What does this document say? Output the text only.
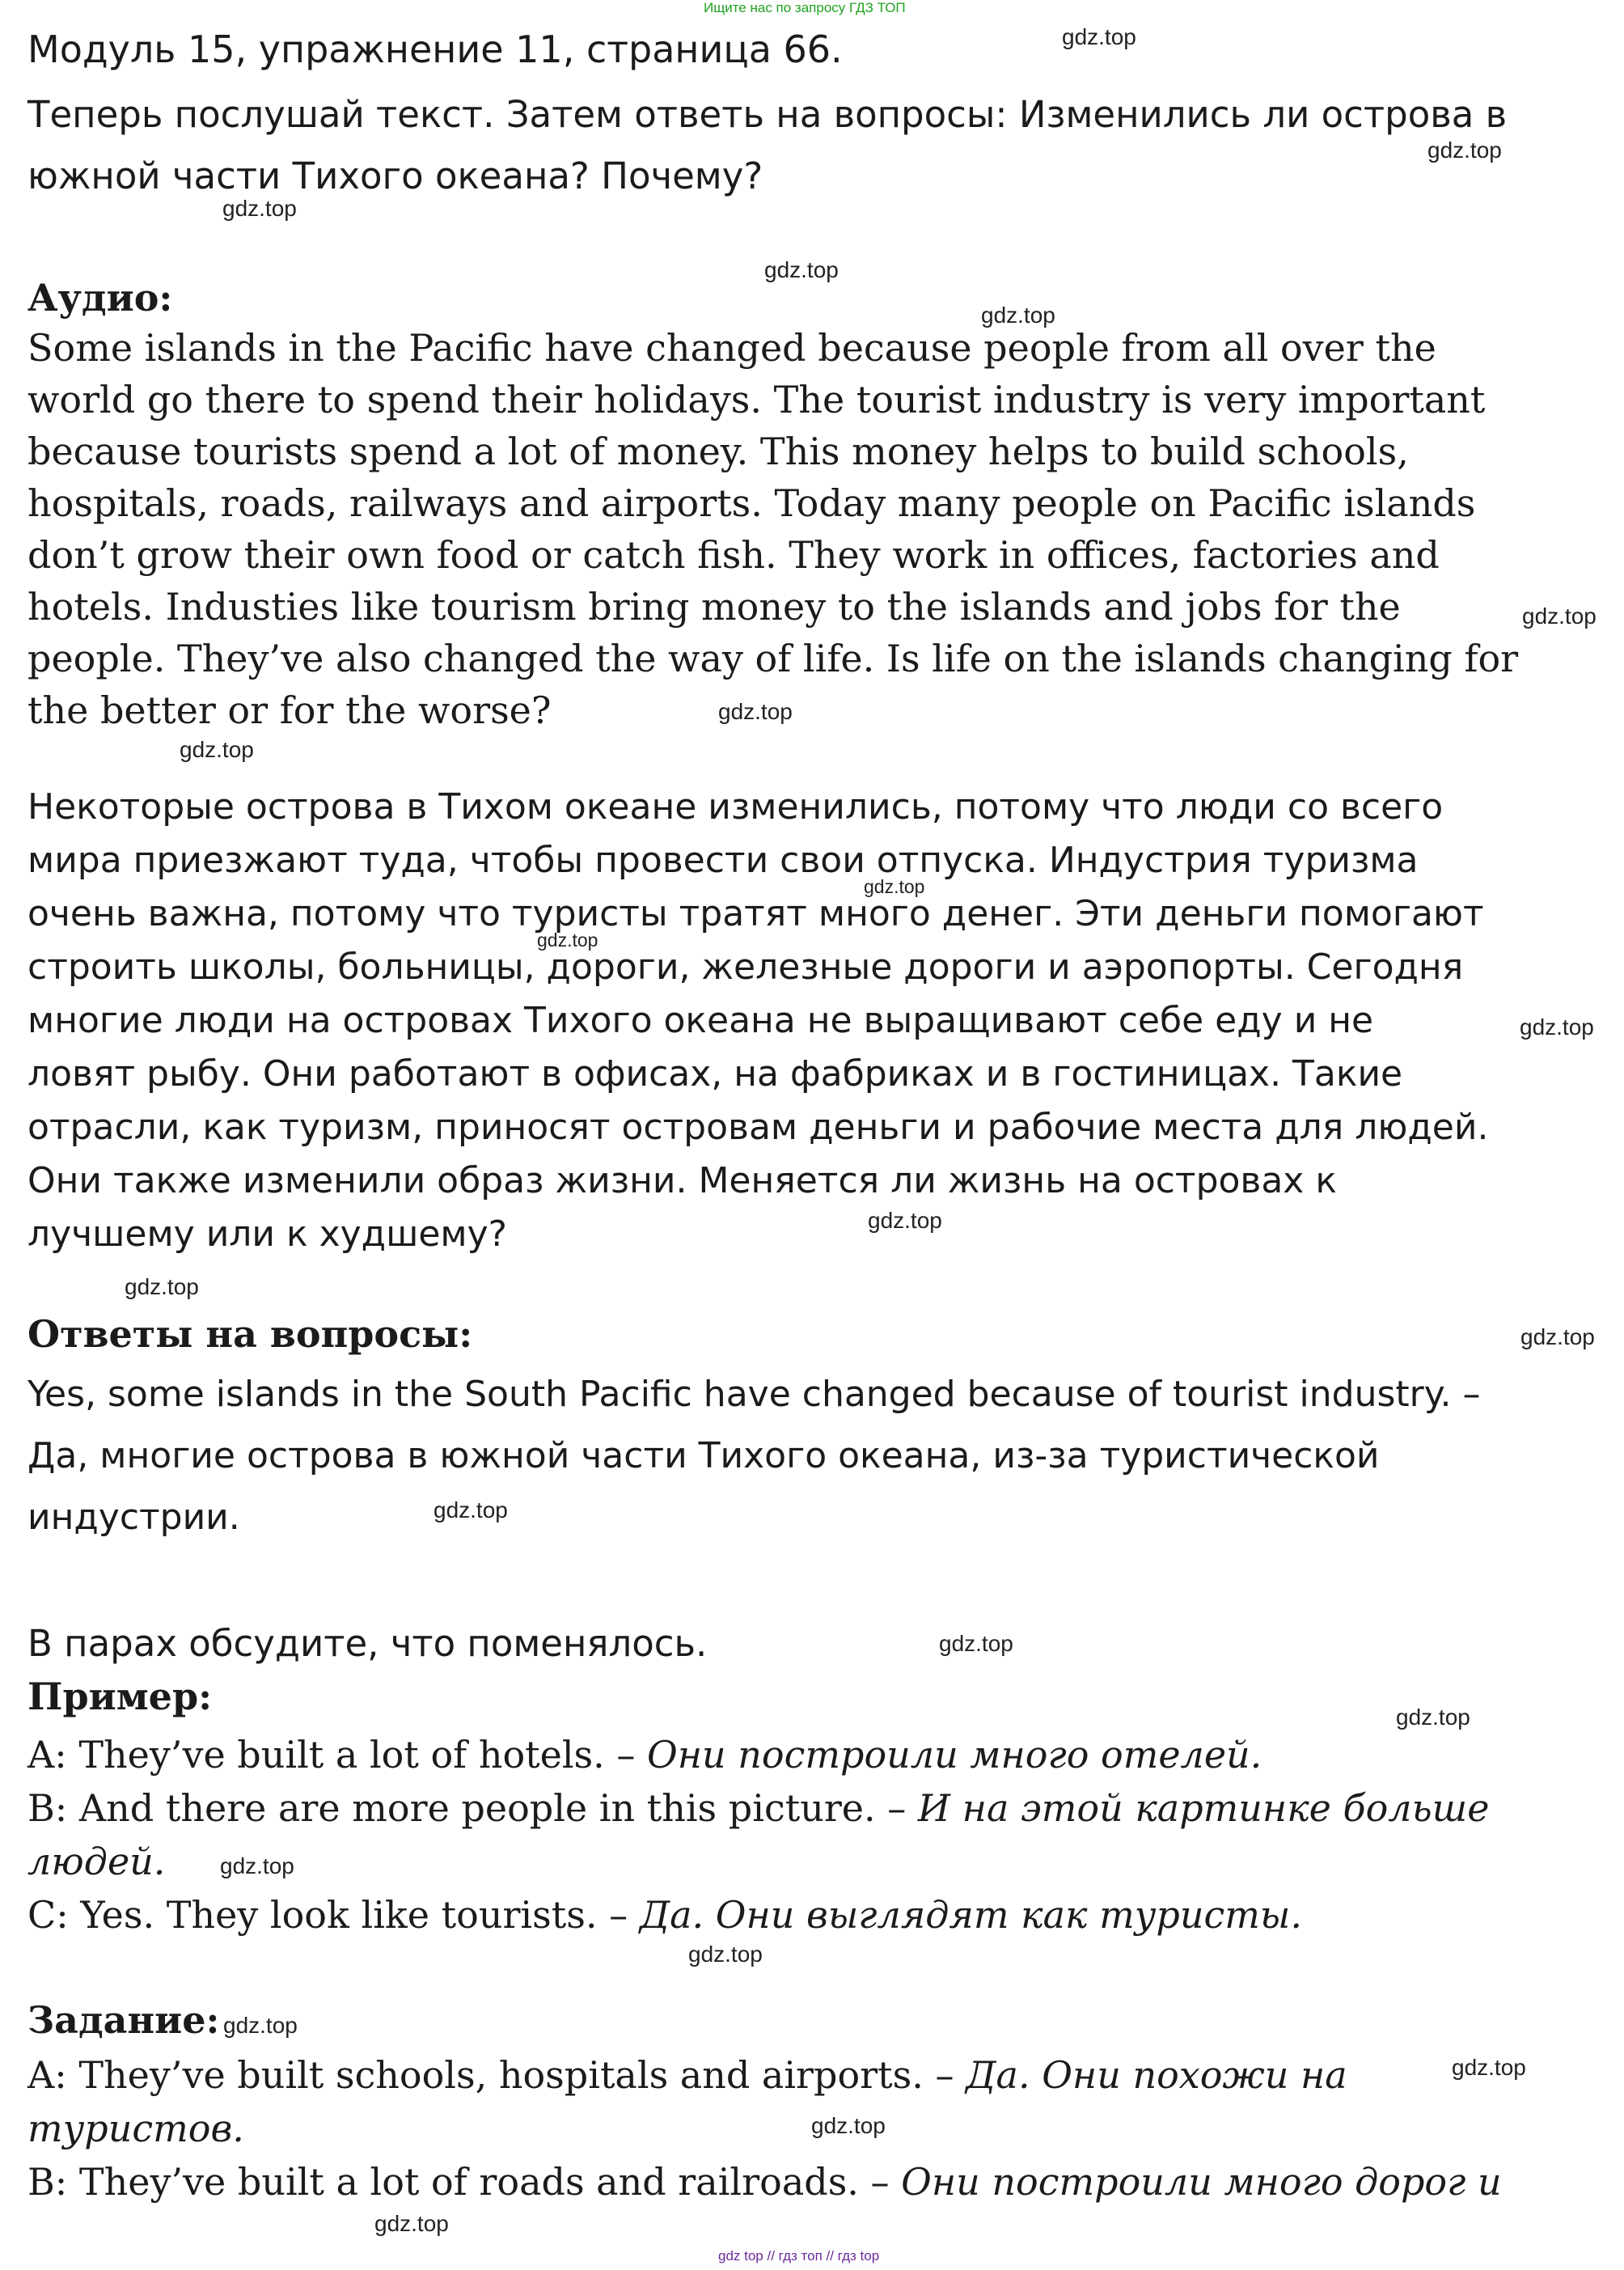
Ищите нас по запросу ГДЗ ТОП
Модуль 15, упражнение 11, страница 66.
Теперь послушай текст. Затем ответь на вопросы: Изменились ли острова в
южной части Тихого океана? Почему?
Аудио:
Some islands in the Pacific have changed because people from all over the
world go there to spend their holidays. The tourist industry is very important
because tourists spend a lot of money. This money helps to build schools,
hospitals, roads, railways and airports. Today many people on Pacific islands
don’t grow their own food or catch fish. They work in offices, factories and
hotels. Industies like tourism bring money to the islands and jobs for the
people. They’ve also changed the way of life. Is life on the islands changing for
the better or for the worse?
Некоторые острова в Тихом океане изменились, потому что люди со всего
мира приезжают туда, чтобы провести свои отпуска. Индустрия туризма
очень важна, потому что туристы тратят много денег. Эти деньги помогают
строить школы, больницы, дороги, железные дороги и аэропорты. Сегодня
многие люди на островах Тихого океана не выращивают себе еду и не
ловят рыбу. Они работают в офисах, на фабриках и в гостиницах. Такие
отрасли, как туризм, приносят островам деньги и рабочие места для людей.
Они также изменили образ жизни. Меняется ли жизнь на островах к
лучшему или к худшему?
Ответы на вопросы:
Yes, some islands in the South Pacific have changed because of tourist industry. –
Да, многие острова в южной части Тихого океана, из-за туристической
индустрии.
В парах обсудите, что поменялось.
Пример:
A: They’ve built a lot of hotels. – Они построили много отелей.
B: And there are more people in this picture. – И на этой картинке больше
людей.
C: Yes. They look like tourists. – Да. Они выглядят как туристы.
Задание:
A: They’ve built schools, hospitals and airports. – Да. Они похожи на
туристов.
B: They’ve built a lot of roads and railroads. – Они построили много дорог и
gdz.top
gdz.top
gdz.top
gdz.top
gdz.top
gdz.top
gdz.top
gdz.top
gdz.top
gdz.top
gdz.top
gdz.top
gdz.top
gdz.top
gdz.top
gdz.top
gdz.top
gdz.top
gdz.top
gdz.top
gdz.top
gdz.top
gdz.top
gdz top // гдз топ // гдз top
